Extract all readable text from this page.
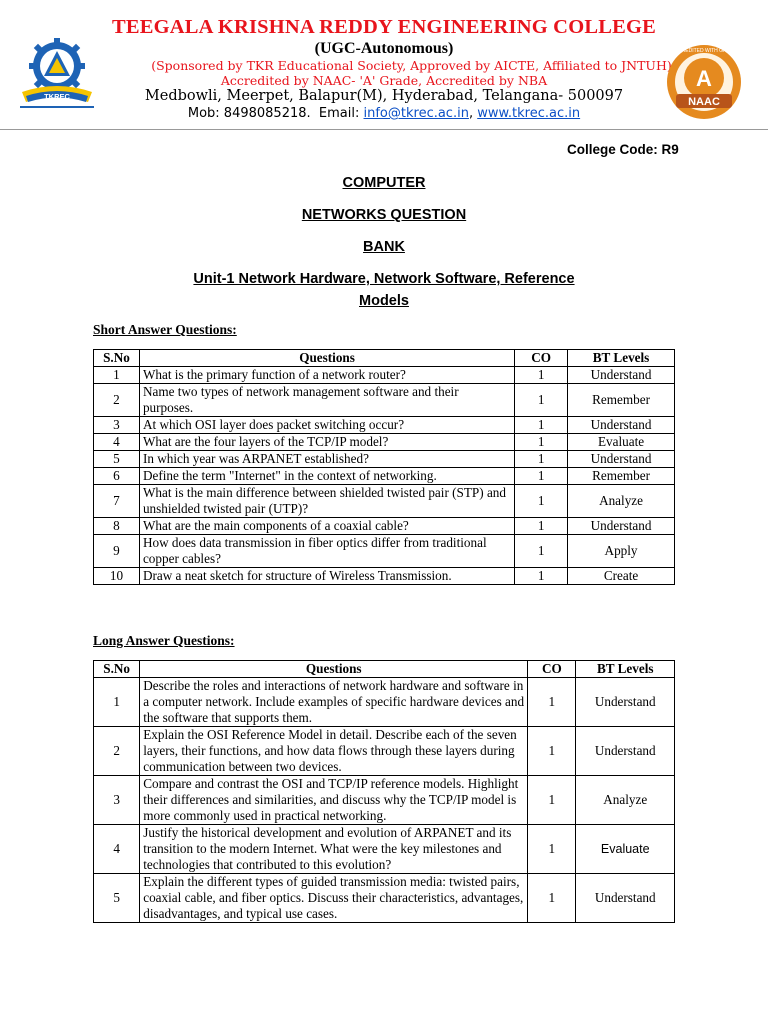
TKREC
TEEGALA KRISHNA REDDY ENGINEERING COLLEGE
(UGC-Autonomous)
(Sponsored by TKR Educational Society, Approved by AICTE, Affiliated to JNTUH)
Accredited by NAAC- 'A' Grade, Accredited by NBA
Medbowli, Meerpet, Balapur(M), Hyderabad, Telangana- 500097
Mob: 8498085218.  Email: info@tkrec.ac.in, www.tkrec.ac.in
A
NAAC
ACCREDITED WITH GRADE
College Code: R9
COMPUTER
NETWORKS QUESTION
BANK
Unit-1 Network Hardware, Network Software, Reference
Models
Short Answer Questions:
S.No	Questions	CO	BT Levels
1	What is the primary function of a network router?	1	Understand
2	Name two types of network management software and their purposes.	1	Remember
3	At which OSI layer does packet switching occur?	1	Understand
4	What are the four layers of the TCP/IP model?	1	Evaluate
5	In which year was ARPANET established?	1	Understand
6	Define the term "Internet" in the context of networking.	1	Remember
7	What is the main difference between shielded twisted pair (STP) and unshielded twisted pair (UTP)?	1	Analyze
8	What are the main components of a coaxial cable?	1	Understand
9	How does data transmission in fiber optics differ from traditional copper cables?	1	Apply
10	Draw a neat sketch for structure of Wireless Transmission.	1	Create
Long Answer Questions:
S.No	Questions	CO	BT Levels
1	Describe the roles and interactions of network hardware and software in a computer network. Include examples of specific hardware devices and the software that supports them.	1	Understand
2	Explain the OSI Reference Model in detail. Describe each of the seven layers, their functions, and how data flows through these layers during communication between two devices.	1	Understand
3	Compare and contrast the OSI and TCP/IP reference models. Highlight their differences and similarities, and discuss why the TCP/IP model is more commonly used in practical networking.	1	Analyze
4	Justify the historical development and evolution of ARPANET and its transition to the modern Internet. What were the key milestones and technologies that contributed to this evolution?	1	Evaluate
5	Explain the different types of guided transmission media: twisted pairs, coaxial cable, and fiber optics. Discuss their characteristics, advantages, disadvantages, and typical use cases.	1	Understand
